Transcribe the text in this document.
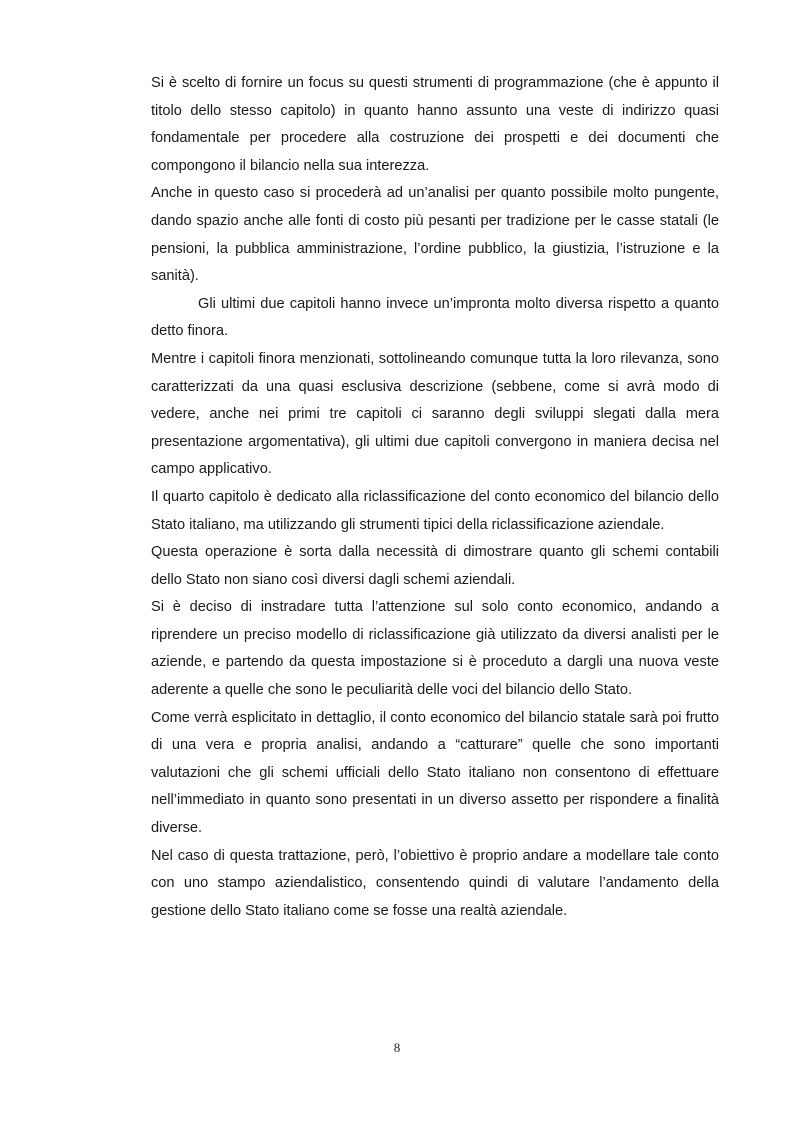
Si è scelto di fornire un focus su questi strumenti di programmazione (che è appunto il titolo dello stesso capitolo) in quanto hanno assunto una veste di indirizzo quasi fondamentale per procedere alla costruzione dei prospetti e dei documenti che compongono il bilancio nella sua interezza.

Anche in questo caso si procederà ad un’analisi per quanto possibile molto pungente, dando spazio anche alle fonti di costo più pesanti per tradizione per le casse statali (le pensioni, la pubblica amministrazione, l’ordine pubblico, la giustizia, l’istruzione e la sanità).

Gli ultimi due capitoli hanno invece un’impronta molto diversa rispetto a quanto detto finora.

Mentre i capitoli finora menzionati, sottolineando comunque tutta la loro rilevanza, sono caratterizzati da una quasi esclusiva descrizione (sebbene, come si avrà modo di vedere, anche nei primi tre capitoli ci saranno degli sviluppi slegati dalla mera presentazione argomentativa), gli ultimi due capitoli convergono in maniera decisa nel campo applicativo.

Il quarto capitolo è dedicato alla riclassificazione del conto economico del bilancio dello Stato italiano, ma utilizzando gli strumenti tipici della riclassificazione aziendale.

Questa operazione è sorta dalla necessità di dimostrare quanto gli schemi contabili dello Stato non siano così diversi dagli schemi aziendali.

Si è deciso di instradare tutta l’attenzione sul solo conto economico, andando a riprendere un preciso modello di riclassificazione già utilizzato da diversi analisti per le aziende, e partendo da questa impostazione si è proceduto a dargli una nuova veste aderente a quelle che sono le peculiarità delle voci del bilancio dello Stato.

Come verrà esplicitato in dettaglio, il conto economico del bilancio statale sarà poi frutto di una vera e propria analisi, andando a “catturare” quelle che sono importanti valutazioni che gli schemi ufficiali dello Stato italiano non consentono di effettuare nell’immediato in quanto sono presentati in un diverso assetto per rispondere a finalità diverse.

Nel caso di questa trattazione, però, l’obiettivo è proprio andare a modellare tale conto con uno stampo aziendalistico, consentendo quindi di valutare l’andamento della gestione dello Stato italiano come se fosse una realtà aziendale.

8
